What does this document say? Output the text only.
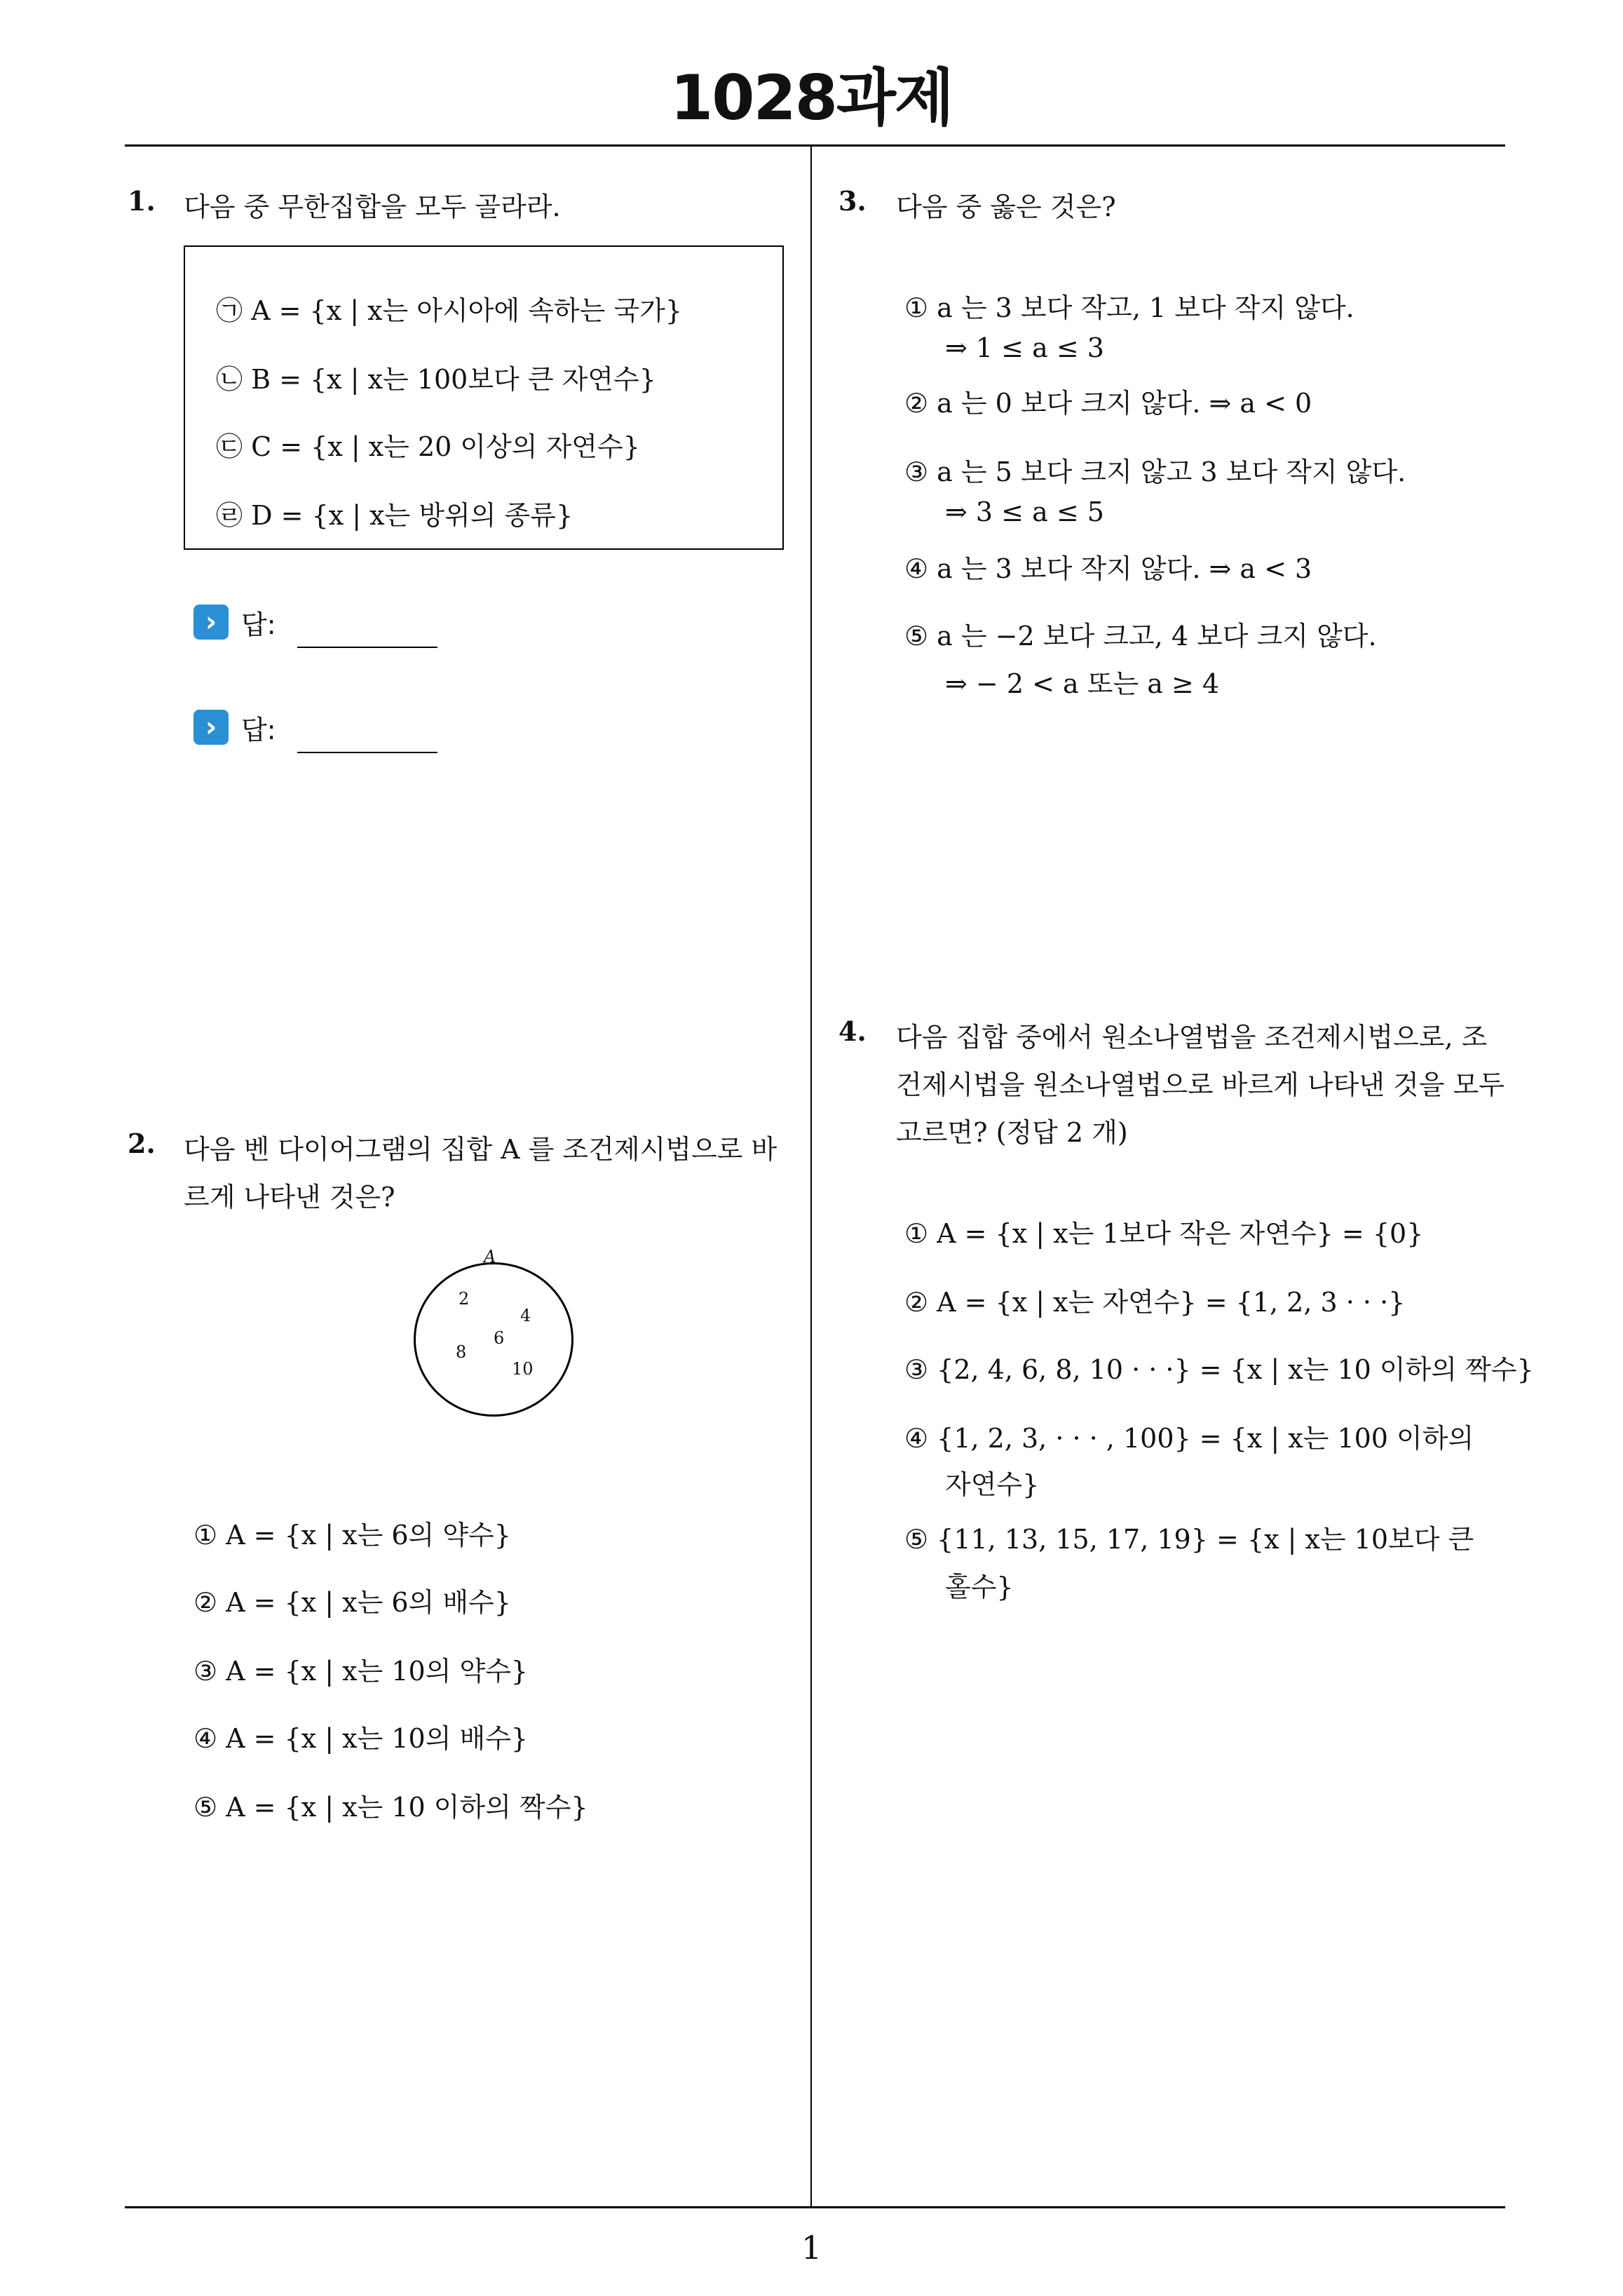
1028과제
1. 다음 중 무한집합을 모두 골라라.
㉠ A = {x | x는 아시아에 속하는 국가}
㉡ B = {x | x는 100보다 큰 자연수}
㉢ C = {x | x는 20 이상의 자연수}
㉣ D = {x | x는 방위의 종류}
› 답:
› 답:
2. 다음 벤 다이어그램의 집합 A 를 조건제시법으로 바
르게 나타낸 것은?
A
2
4
6
8
10
① A = {x | x는 6의 약수}
② A = {x | x는 6의 배수}
③ A = {x | x는 10의 약수}
④ A = {x | x는 10의 배수}
⑤ A = {x | x는 10 이하의 짝수}
3. 다음 중 옳은 것은?
① a 는 3 보다 작고, 1 보다 작지 않다.
⇒ 1 ≤ a ≤ 3
② a 는 0 보다 크지 않다. ⇒ a < 0
③ a 는 5 보다 크지 않고 3 보다 작지 않다.
⇒ 3 ≤ a ≤ 5
④ a 는 3 보다 작지 않다. ⇒ a < 3
⑤ a 는 −2 보다 크고, 4 보다 크지 않다.
⇒ − 2 < a 또는 a ≥ 4
4. 다음 집합 중에서 원소나열법을 조건제시법으로, 조
건제시법을 원소나열법으로 바르게 나타낸 것을 모두
고르면? (정답 2 개)
① A = {x | x는 1보다 작은 자연수} = {0}
② A = {x | x는 자연수} = {1, 2, 3 · · ·}
③ {2, 4, 6, 8, 10 · · ·} = {x | x는 10 이하의 짝수}
④ {1, 2, 3, · · · , 100} = {x | x는 100 이하의
자연수}
⑤ {11, 13, 15, 17, 19} = {x | x는 10보다 큰
홀수}
1
